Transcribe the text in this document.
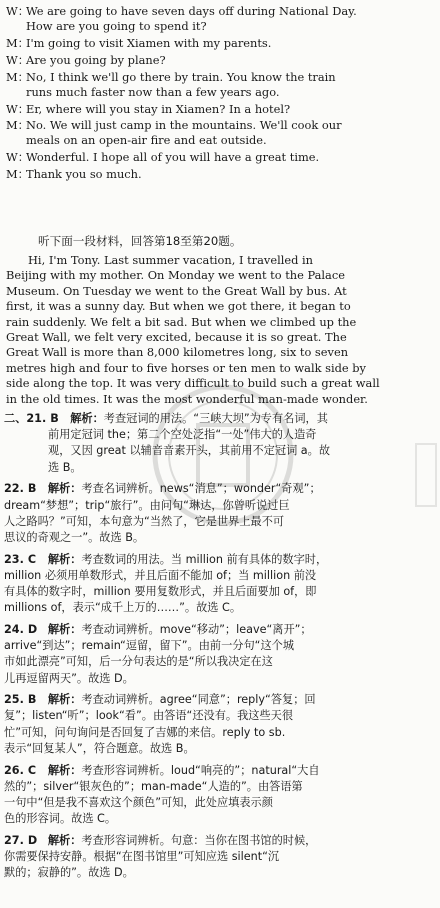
W：We are going to have seven days off during National Day.
How are you going to spend it?
M：I'm going to visit Xiamen with my parents.
W：Are you going by plane?
M：No, I think we'll go there by train. You know the train
runs much faster now than a few years ago.
W：Er, where will you stay in Xiamen? In a hotel?
M：No. We will just camp in the mountains. We'll cook our
meals on an open-air fire and eat outside.
W：Wonderful. I hope all of you will have a great time.
M：Thank you so much.
听下面一段材料，回答第18至第20题。
Hi, I'm Tony. Last summer vacation, I travelled in
Beijing with my mother. On Monday we went to the Palace
Museum. On Tuesday we went to the Great Wall by bus. At
first, it was a sunny day. But when we got there, it began to
rain suddenly. We felt a bit sad. But when we climbed up the
Great Wall, we felt very excited, because it is so great. The
Great Wall is more than 8,000 kilometres long, six to seven
metres high and four to five horses or ten men to walk side by
side along the top. It was very difficult to build such a great wall
in the old times. It was the most wonderful man-made wonder.
二、21. B 解析：考查冠词的用法。“三峡大坝”为专有名词，其
前用定冠词 the；第二个空处泛指“一处”伟大的人造奇
观，又因 great 以辅音音素开头，其前用不定冠词 a。故
选 B。
22. B 解析：考查名词辨析。news“消息”；wonder“奇观”；
dream“梦想”；trip“旅行”。由问句“琳达，你曾听说过巨
人之路吗？”可知，本句意为“当然了，它是世界上最不可
思议的奇观之一”。故选 B。
23. C 解析：考查数词的用法。当 million 前有具体的数字时，
million 必须用单数形式，并且后面不能加 of；当 million 前没
有具体的数字时，million 要用复数形式，并且后面要加 of，即
millions of，表示“成千上万的……”。故选 C。
24. D 解析：考查动词辨析。move“移动”；leave“离开”；
arrive“到达”；remain“逗留，留下”。由前一分句“这个城
市如此漂亮”可知，后一分句表达的是“所以我决定在这
儿再逗留两天”。故选 D。
25. B 解析：考查动词辨析。agree“同意”；reply“答复；回
复”；listen“听”；look“看”。由答语“还没有。我这些天很
忙”可知，问句询问是否回复了吉娜的来信。reply to sb.
表示“回复某人”，符合题意。故选 B。
26. C 解析：考查形容词辨析。loud“响亮的”；natural“大自
然的”；silver“银灰色的”；man-made“人造的”。由答语第
一句中“但是我不喜欢这个颜色”可知，此处应填表示颜
色的形容词。故选 C。
27. D 解析：考查形容词辨析。句意：当你在图书馆的时候，
你需要保持安静。根据“在图书馆里”可知应选 silent“沉
默的；寂静的”。故选 D。
